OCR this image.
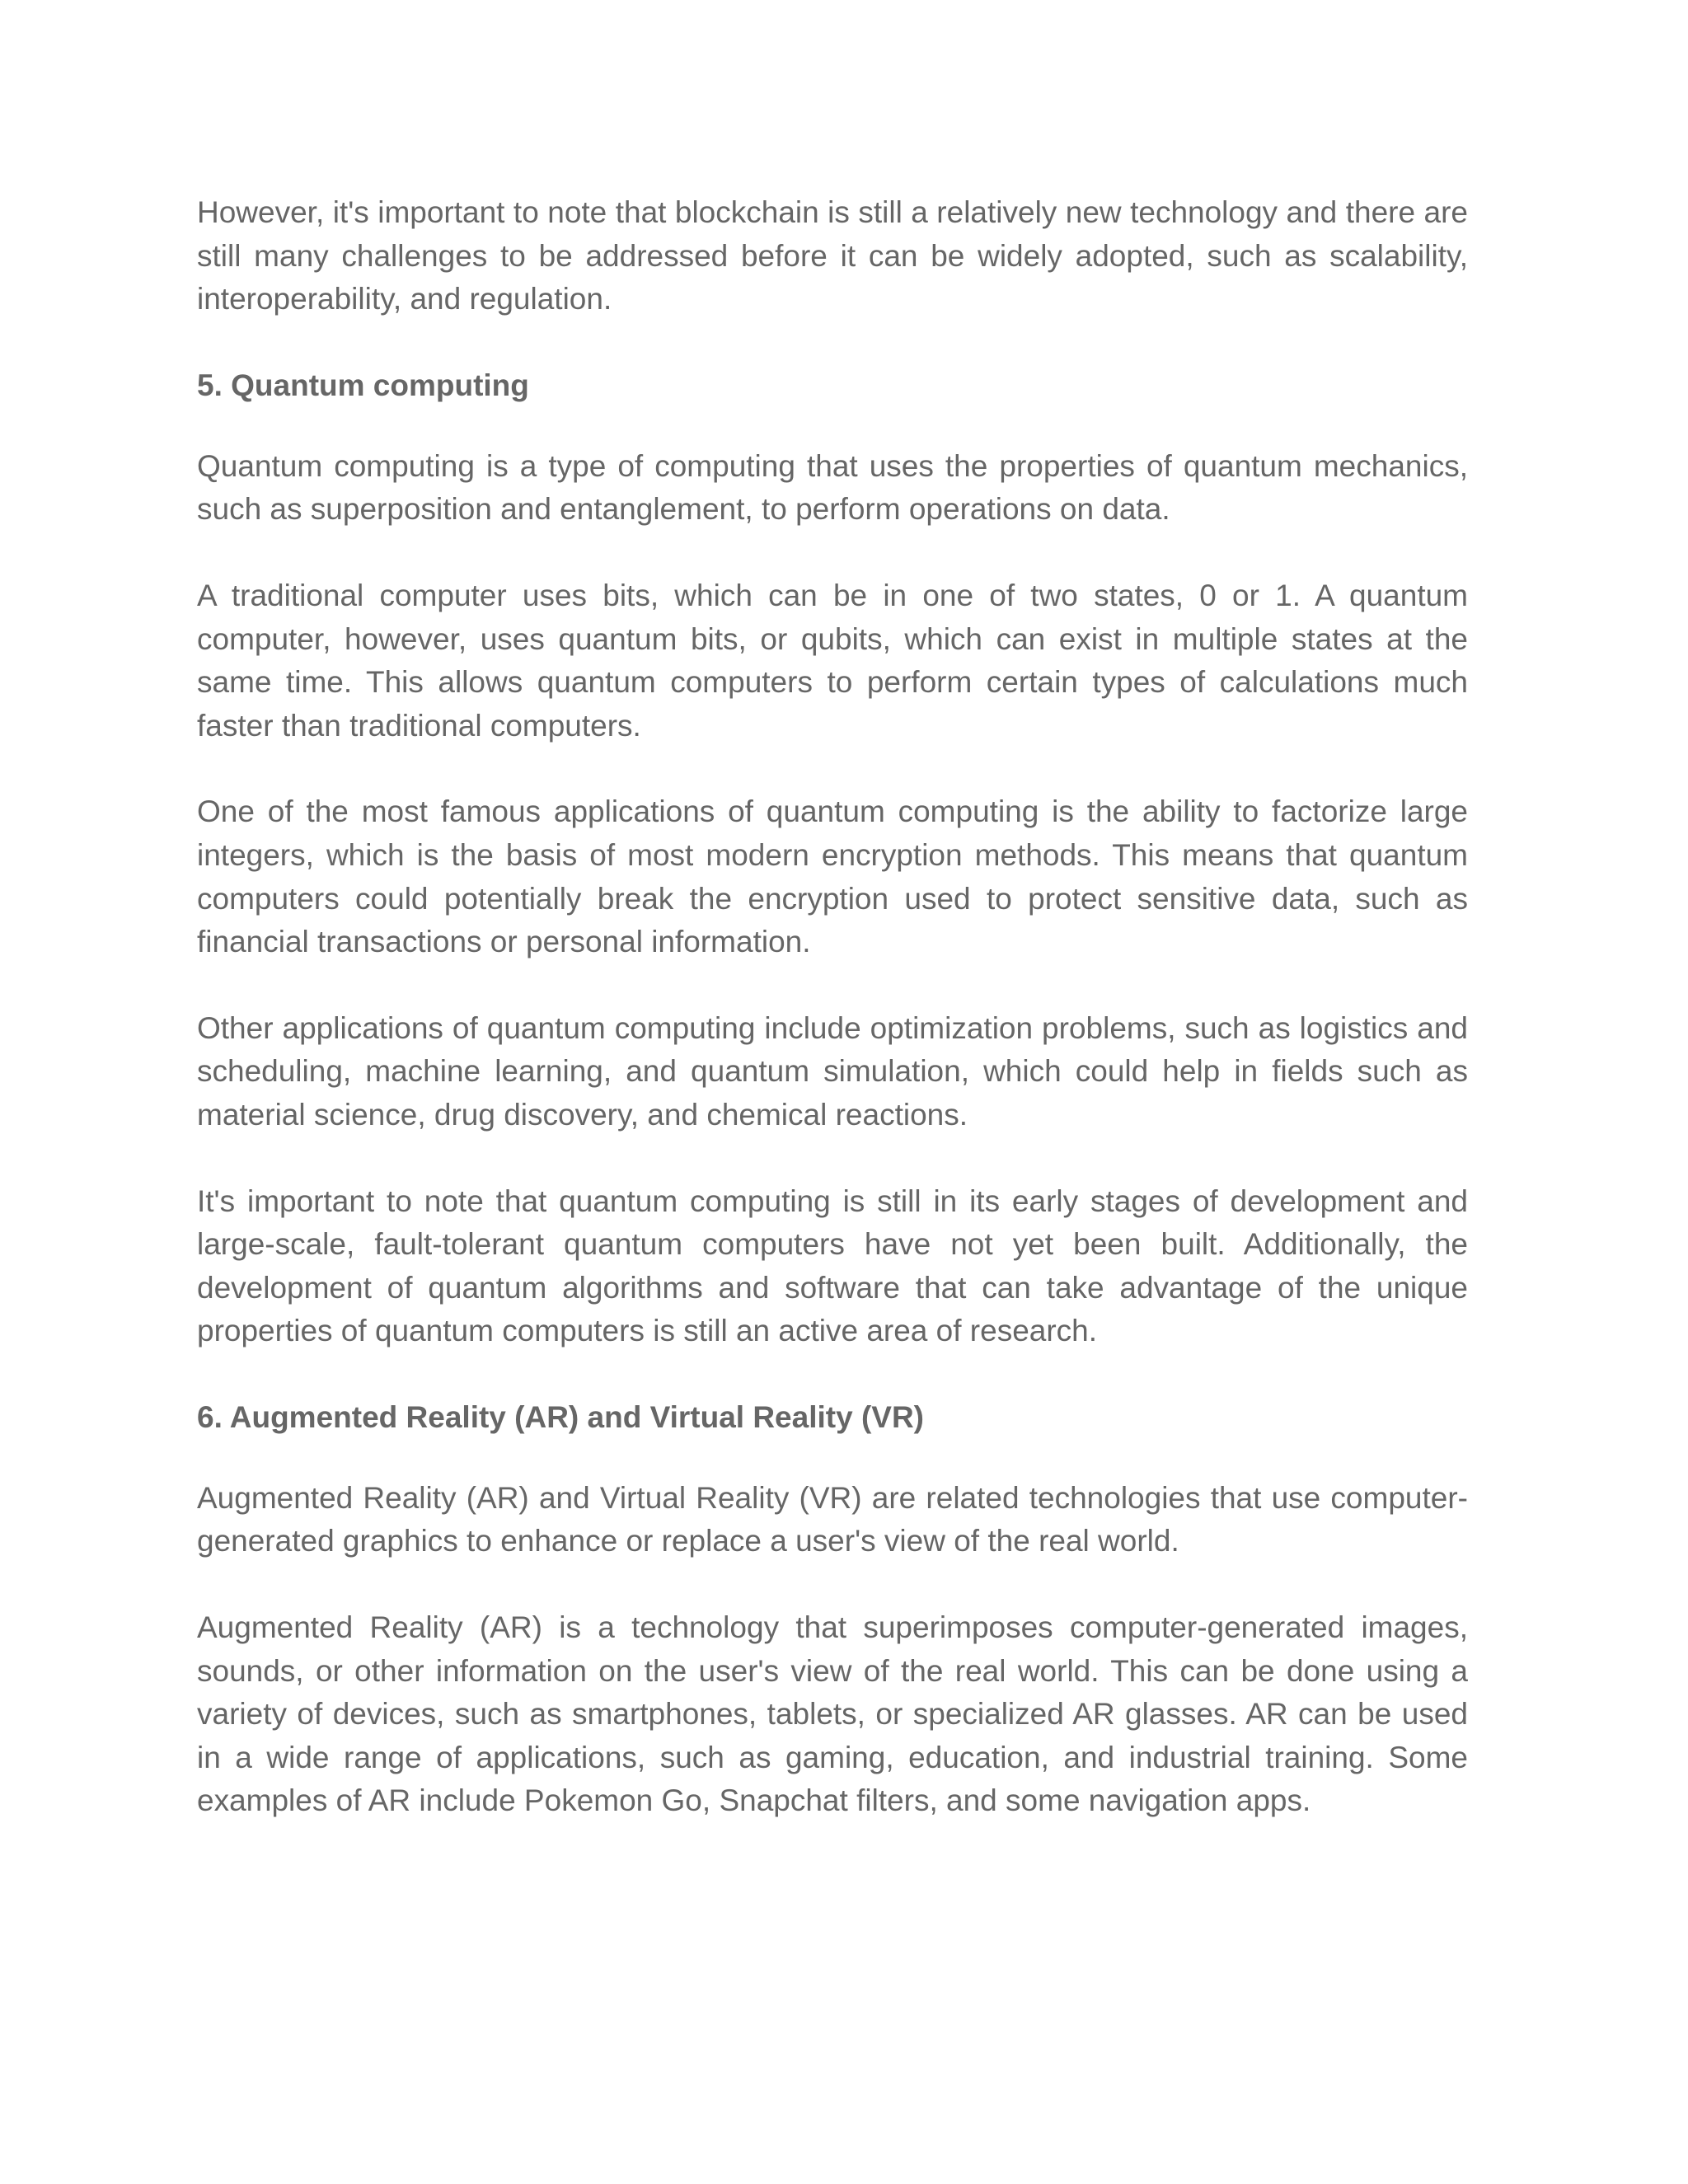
However, it's important to note that blockchain is still a relatively new technology and there are still many challenges to be addressed before it can be widely adopted, such as scalability, interoperability, and regulation.

5. Quantum computing

Quantum computing is a type of computing that uses the properties of quantum mechanics, such as superposition and entanglement, to perform operations on data.

A traditional computer uses bits, which can be in one of two states, 0 or 1. A quantum computer, however, uses quantum bits, or qubits, which can exist in multiple states at the same time. This allows quantum computers to perform certain types of calculations much faster than traditional computers.

One of the most famous applications of quantum computing is the ability to factorize large integers, which is the basis of most modern encryption methods. This means that quantum computers could potentially break the encryption used to protect sensitive data, such as financial transactions or personal information.

Other applications of quantum computing include optimization problems, such as logistics and scheduling, machine learning, and quantum simulation, which could help in fields such as material science, drug discovery, and chemical reactions.

It's important to note that quantum computing is still in its early stages of development and large-scale, fault-tolerant quantum computers have not yet been built. Additionally, the development of quantum algorithms and software that can take advantage of the unique properties of quantum computers is still an active area of research.

6. Augmented Reality (AR) and Virtual Reality (VR)

Augmented Reality (AR) and Virtual Reality (VR) are related technologies that use computer-generated graphics to enhance or replace a user's view of the real world.

Augmented Reality (AR) is a technology that superimposes computer-generated images, sounds, or other information on the user's view of the real world. This can be done using a variety of devices, such as smartphones, tablets, or specialized AR glasses. AR can be used in a wide range of applications, such as gaming, education, and industrial training. Some examples of AR include Pokemon Go, Snapchat filters, and some navigation apps.
